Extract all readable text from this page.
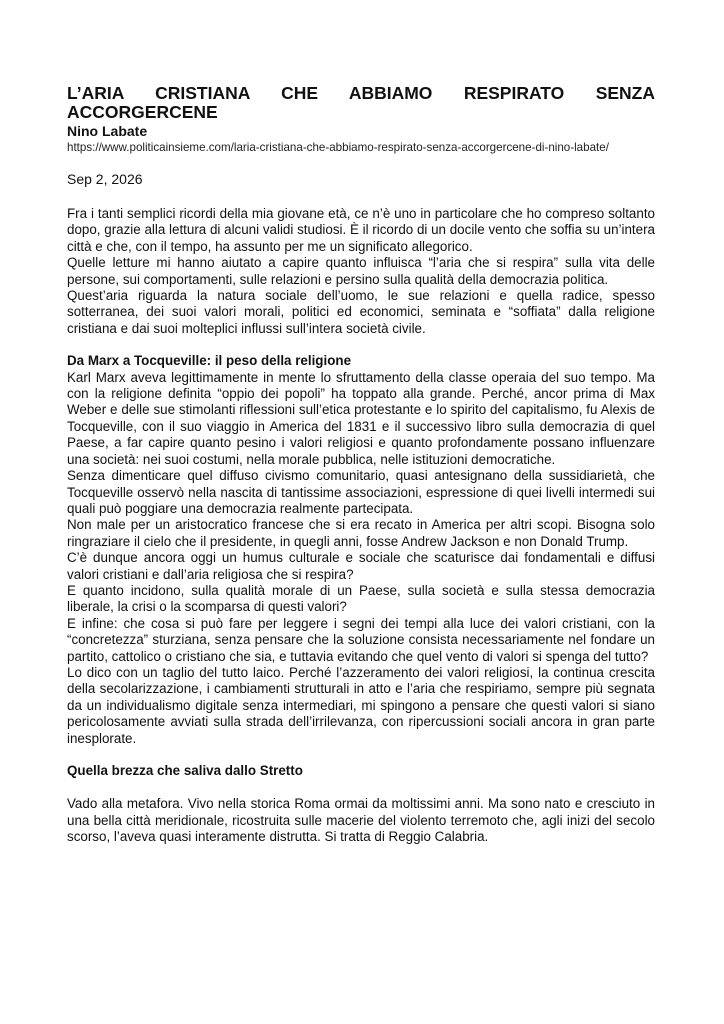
L’ARIA CRISTIANA CHE ABBIAMO RESPIRATO SENZA ACCORGERCENE
Nino Labate
https://www.politicainsieme.com/laria-cristiana-che-abbiamo-respirato-senza-accorgercene-di-nino-labate/
Sep 2, 2026

Fra i tanti semplici ricordi della mia giovane età, ce n’è uno in particolare che ho compreso soltanto dopo, grazie alla lettura di alcuni validi studiosi. È il ricordo di un docile vento che soffia su un’intera città e che, con il tempo, ha assunto per me un significato allegorico.

Quelle letture mi hanno aiutato a capire quanto influisca “l’aria che si respira” sulla vita delle persone, sui comportamenti, sulle relazioni e persino sulla qualità della democrazia politica.

Quest’aria riguarda la natura sociale dell’uomo, le sue relazioni e quella radice, spesso sotterranea, dei suoi valori morali, politici ed economici, seminata e “soffiata” dalla religione cristiana e dai suoi molteplici influssi sull’intera società civile.

Da Marx a Tocqueville: il peso della religione

Karl Marx aveva legittimamente in mente lo sfruttamento della classe operaia del suo tempo. Ma con la religione definita “oppio dei popoli” ha toppato alla grande. Perché, ancor prima di Max Weber e delle sue stimolanti riflessioni sull’etica protestante e lo spirito del capitalismo, fu Alexis de Tocqueville, con il suo viaggio in America del 1831 e il successivo libro sulla democrazia di quel Paese, a far capire quanto pesino i valori religiosi e quanto profondamente possano influenzare una società: nei suoi costumi, nella morale pubblica, nelle istituzioni democratiche.

Senza dimenticare quel diffuso civismo comunitario, quasi antesignano della sussidiarietà, che Tocqueville osservò nella nascita di tantissime associazioni, espressione di quei livelli intermedi sui quali può poggiare una democrazia realmente partecipata.

Non male per un aristocratico francese che si era recato in America per altri scopi. Bisogna solo ringraziare il cielo che il presidente, in quegli anni, fosse Andrew Jackson e non Donald Trump.

C’è dunque ancora oggi un humus culturale e sociale che scaturisce dai fondamentali e diffusi valori cristiani e dall’aria religiosa che si respira?

E quanto incidono, sulla qualità morale di un Paese, sulla società e sulla stessa democrazia liberale, la crisi o la scomparsa di questi valori?

E infine: che cosa si può fare per leggere i segni dei tempi alla luce dei valori cristiani, con la “concretezza” sturziana, senza pensare che la soluzione consista necessariamente nel fondare un partito, cattolico o cristiano che sia, e tuttavia evitando che quel vento di valori si spenga del tutto?

Lo dico con un taglio del tutto laico. Perché l’azzeramento dei valori religiosi, la continua crescita della secolarizzazione, i cambiamenti strutturali in atto e l’aria che respiriamo, sempre più segnata da un individualismo digitale senza intermediari, mi spingono a pensare che questi valori si siano pericolosamente avviati sulla strada dell’irrilevanza, con ripercussioni sociali ancora in gran parte inesplorate.

Quella brezza che saliva dallo Stretto

Vado alla metafora. Vivo nella storica Roma ormai da moltissimi anni. Ma sono nato e cresciuto in una bella città meridionale, ricostruita sulle macerie del violento terremoto che, agli inizi del secolo scorso, l’aveva quasi interamente distrutta. Si tratta di Reggio Calabria.
